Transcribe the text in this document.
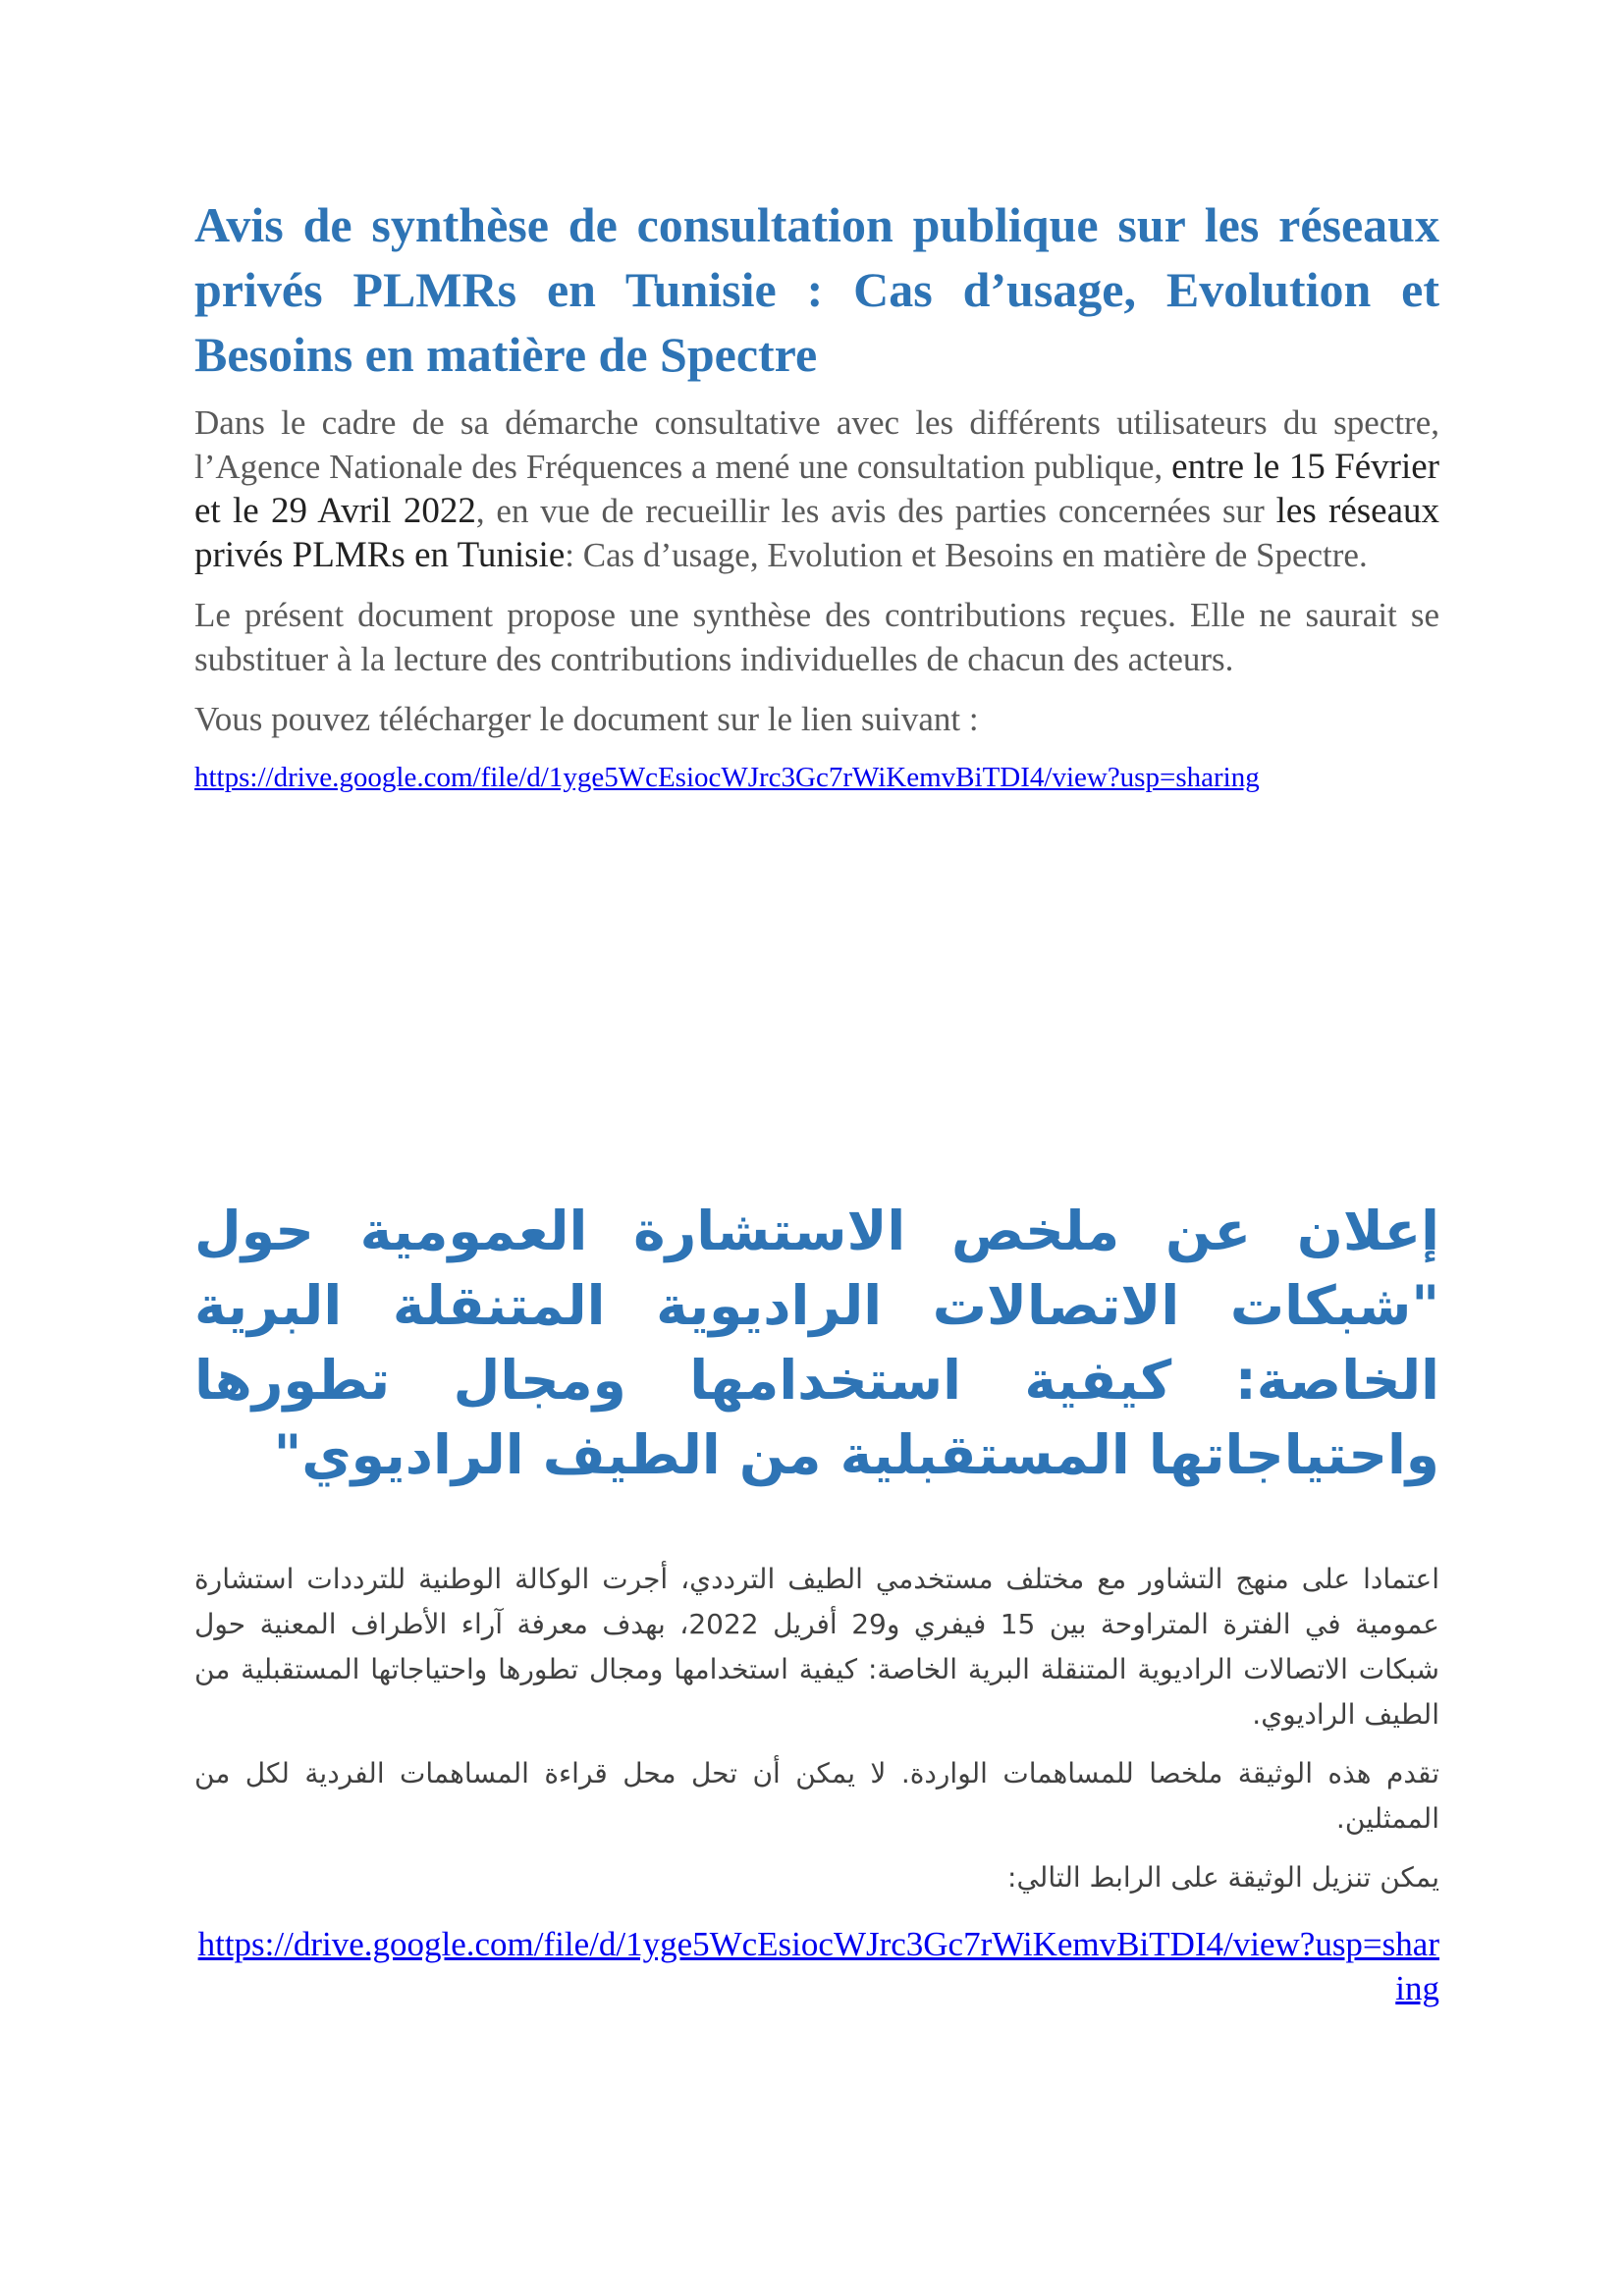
Avis de synthèse de consultation publique sur les réseaux privés PLMRs en Tunisie : Cas d’usage, Evolution et Besoins en matière de Spectre

Dans le cadre de sa démarche consultative avec les différents utilisateurs du spectre, l’Agence Nationale des Fréquences a mené une consultation publique, entre le 15 Février et le 29 Avril 2022, en vue de recueillir les avis des parties concernées sur les réseaux privés PLMRs en Tunisie: Cas d’usage, Evolution et Besoins en matière de Spectre.

Le présent document propose une synthèse des contributions reçues. Elle ne saurait se substituer à la lecture des contributions individuelles de chacun des acteurs.

Vous pouvez télécharger le document sur le lien suivant :

https://drive.google.com/file/d/1yge5WcEsiocWJrc3Gc7rWiKemvBiTDI4/view?usp=sharing
إعلان عن ملخص الاستشارة العمومية حول "شبكات الاتصالات الراديوية المتنقلة البرية الخاصة: كيفية استخدامها ومجال تطورها واحتياجاتها المستقبلية من الطيف الراديوي"

اعتمادا على منهج التشاور مع مختلف مستخدمي الطيف الترددي، أجرت الوكالة الوطنية للترددات استشارة عمومية في الفترة المتراوحة بين 15 فيفري و29 أفريل 2022، بهدف معرفة آراء الأطراف المعنية حول شبكات الاتصالات الراديوية المتنقلة البرية الخاصة: كيفية استخدامها ومجال تطورها واحتياجاتها المستقبلية من الطيف الراديوي.

تقدم هذه الوثيقة ملخصا للمساهمات الواردة. لا يمكن أن تحل محل قراءة المساهمات الفردية لكل من الممثلين.

يمكن تنزيل الوثيقة على الرابط التالي:

https://drive.google.com/file/d/1yge5WcEsiocWJrc3Gc7rWiKemvBiTDI4/view?usp=sharing
